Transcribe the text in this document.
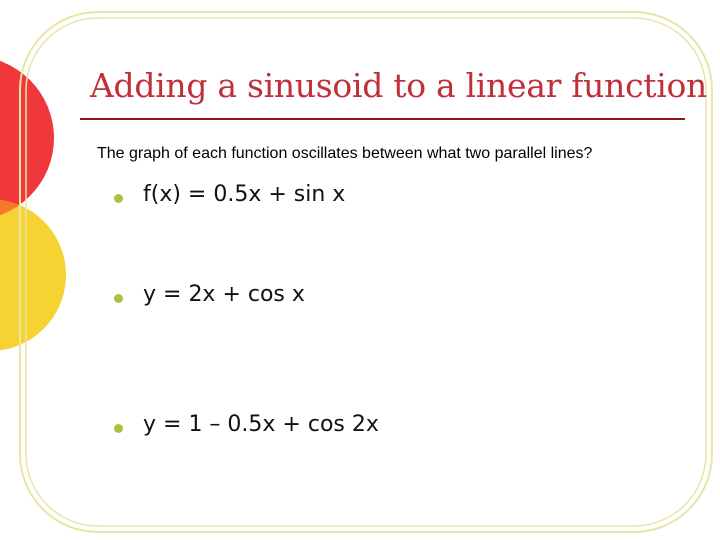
Adding a sinusoid to a linear function
The graph of each function oscillates between what two parallel lines?
f(x) = 0.5x + sin x
y = 2x + cos x
y = 1 – 0.5x + cos 2x
